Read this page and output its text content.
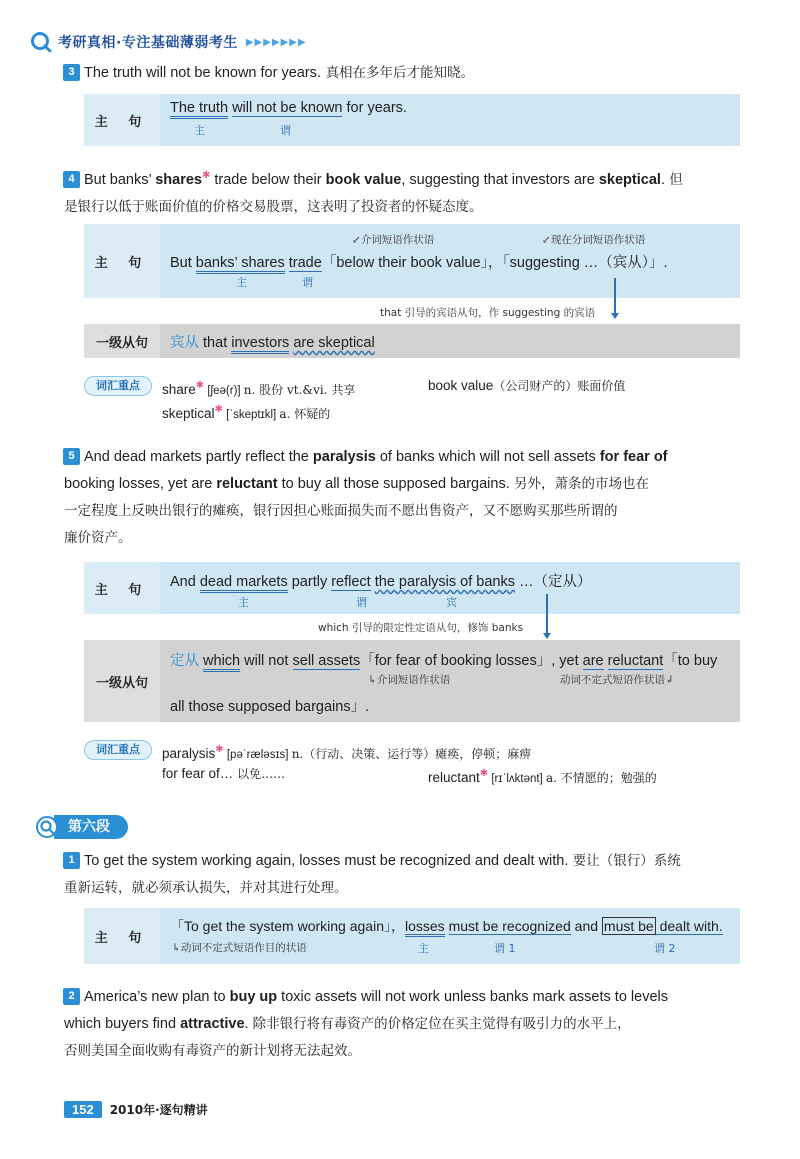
考研真相·专注基础薄弱考生 ▶▶▶▶▶▶▶
3 The truth will not be known for years. 真相在多年后才能知晓。
主 句
The truth will not be known for years.
主	谓
4 But banks’ shares✱ trade below their book value, suggesting that investors are skeptical. 但
是银行以低于账面价值的价格交易股票，这表明了投资者的怀疑态度。
主 句
↙介词短语作状语	↙现在分词短语作状语
But banks’ shares trade「below their book value」，「suggesting …（宾从）」.
主	谓
that 引导的宾语从句，作 suggesting 的宾语
一级从句	宾从 that investors are skeptical
词汇重点	share✱ [ʃeə(r)] n. 股份 vt.&vi. 共享	book value（公司财产的）账面价值
skeptical✱ [ˈskeptɪkl] a. 怀疑的
5 And dead markets partly reflect the paralysis of banks which will not sell assets for fear of
booking losses, yet are reluctant to buy all those supposed bargains. 另外，萧条的市场也在
一定程度上反映出银行的瘫痪，银行因担心账面损失而不愿出售资产，又不愿购买那些所谓的
廉价资产。
主 句	And dead markets partly reflect the paralysis of banks …（定从）
主	谓	宾
which 引导的限定性定语从句，修饰 banks
一级从句
定从 which will not sell assets「for fear of booking losses」, yet are reluctant「to buy
↳介词短语作状语	动词不定式短语作状语↲
all those supposed bargains」.
词汇重点	paralysis✱ [pəˈræləsɪs] n.（行动、决策、运行等）瘫痪，停顿；麻痹
for fear of… 以免……	reluctant✱ [rɪˈlʌktənt] a. 不情愿的；勉强的
第六段
1 To get the system working again, losses must be recognized and dealt with. 要让（银行）系统
重新运转，就必须承认损失，并对其进行处理。
主 句
「To get the system working again」，losses must be recognized and must be dealt with.
↳动词不定式短语作目的状语	主	谓 1	谓 2
2 America’s new plan to buy up toxic assets will not work unless banks mark assets to levels
which buyers find attractive. 除非银行将有毒资产的价格定位在买主觉得有吸引力的水平上，
否则美国全面收购有毒资产的新计划将无法起效。
152	2010年·逐句精讲
